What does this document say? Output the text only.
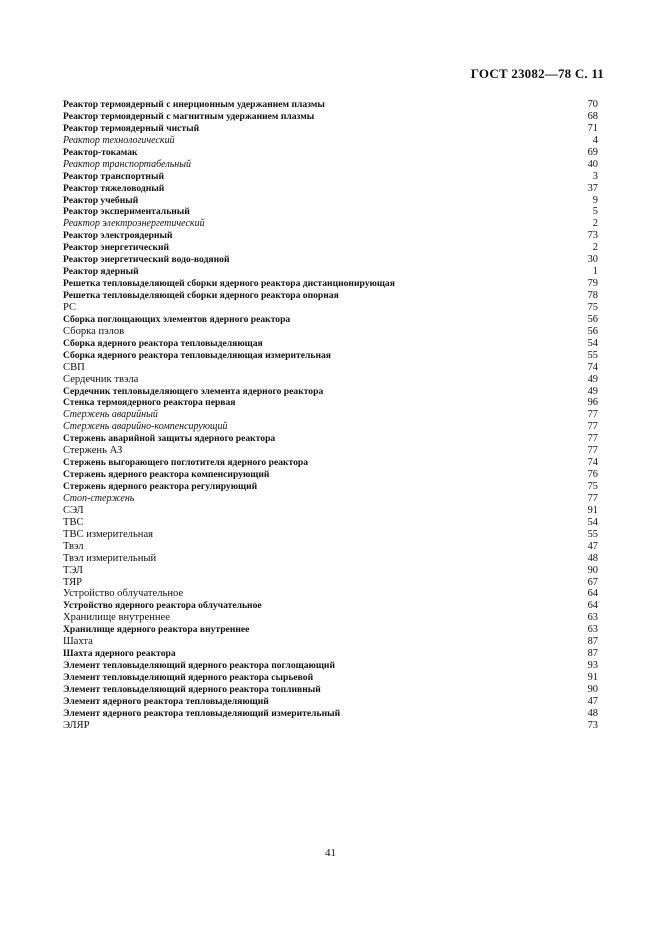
ГОСТ 23082—78 С. 11
Реактор термоядерный с инерционным удержанием плазмы	70
Реактор термоядерный с магнитным удержанием плазмы	68
Реактор термоядерный чистый	71
Реактор технологический	4
Реактор-токамак	69
Реактор транспортабельный	40
Реактор транспортный	3
Реактор тяжеловодный	37
Реактор учебный	9
Реактор экспериментальный	5
Реактор электроэнергетический	2
Реактор электроядерный	73
Реактор энергетический	2
Реактор энергетический водо-водяной	30
Реактор ядерный	1
Решетка тепловыделяющей сборки ядерного реактора дистанционирующая	79
Решетка тепловыделяющей сборки ядерного реактора опорная	78
РС	75
Сборка поглощающих элементов ядерного реактора	56
Сборка пэлов	56
Сборка ядерного реактора тепловыделяющая	54
Сборка ядерного реактора тепловыделяющая измерительная	55
СВП	74
Сердечник твэла	49
Сердечник тепловыделяющего элемента ядерного реактора	49
Стенка термоядерного реактора первая	96
Стержень аварийный	77
Стержень аварийно-компенсирующий	77
Стержень аварийной защиты ядерного реактора	77
Стержень АЗ	77
Стержень выгорающего поглотителя ядерного реактора	74
Стержень ядерного реактора компенсирующий	76
Стержень ядерного реактора регулирующий	75
Стоп-стержень	77
СЭЛ	91
ТВС	54
ТВС измерительная	55
Твэл	47
Твэл измерительный	48
ТЭЛ	90
ТЯР	67
Устройство облучательное	64
Устройство ядерного реактора облучательное	64
Хранилище внутреннее	63
Хранилище ядерного реактора внутреннее	63
Шахта	87
Шахта ядерного реактора	87
Элемент тепловыделяющий ядерного реактора поглощающий	93
Элемент тепловыделяющий ядерного реактора сырьевой	91
Элемент тепловыделяющий ядерного реактора топливный	90
Элемент ядерного реактора тепловыделяющий	47
Элемент ядерного реактора тепловыделяющий измерительный	48
ЭЛЯР	73
41
